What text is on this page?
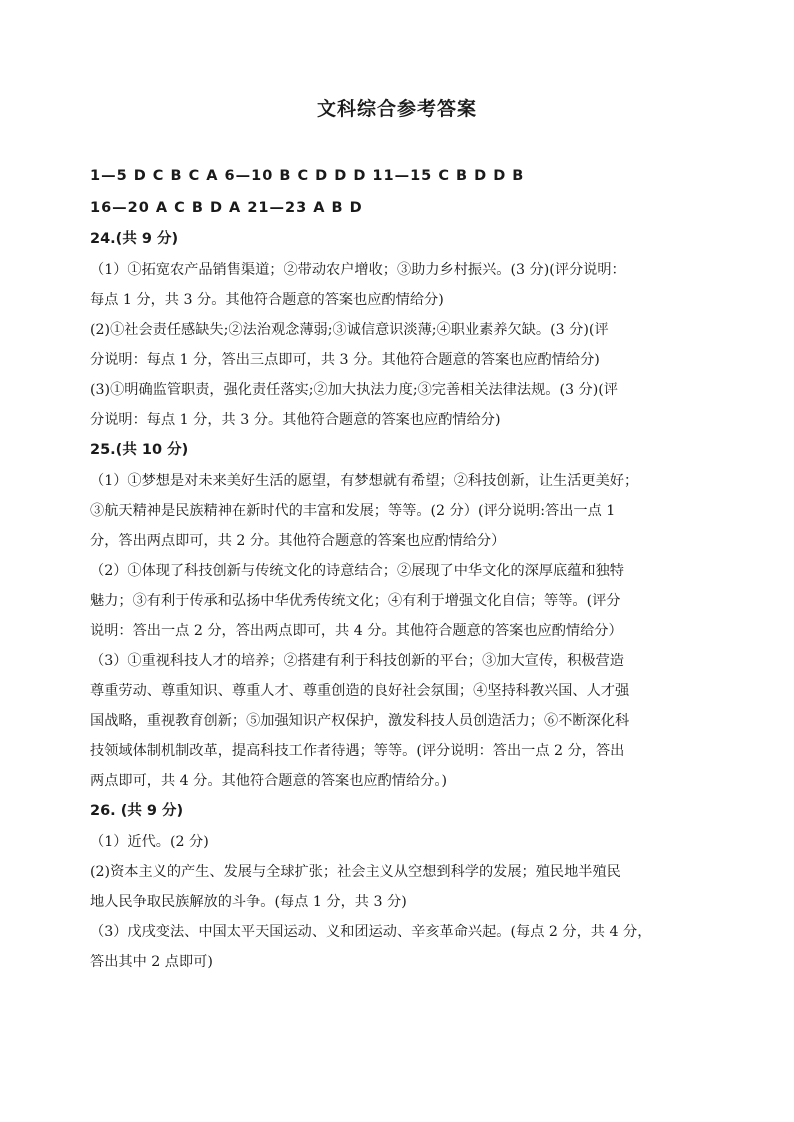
文科综合参考答案
1—5 D C B C A 6—10 B C D D D 11—15 C B D D B
16—20 A C B D A 21—23 A B D
24.(共 9 分)
（1）①拓宽农产品销售渠道；②带动农户增收；③助力乡村振兴。(3 分)(评分说明：
每点 1 分，共 3 分。其他符合题意的答案也应酌情给分)
(2)①社会责任感缺失;②法治观念薄弱;③诚信意识淡薄;④职业素养欠缺。(3 分)(评
分说明：每点 1 分，答出三点即可，共 3 分。其他符合题意的答案也应酌情给分)
(3)①明确监管职责，强化责任落实;②加大执法力度;③完善相关法律法规。(3 分)(评
分说明：每点 1 分，共 3 分。其他符合题意的答案也应酌情给分)
25.(共 10 分)
（1）①梦想是对未来美好生活的愿望，有梦想就有希望；②科技创新，让生活更美好；
③航天精神是民族精神在新时代的丰富和发展；等等。(2 分）(评分说明:答出一点 1
分，答出两点即可，共 2 分。其他符合题意的答案也应酌情给分）
（2）①体现了科技创新与传统文化的诗意结合；②展现了中华文化的深厚底蕴和独特
魅力；③有利于传承和弘扬中华优秀传统文化；④有利于增强文化自信；等等。(评分
说明：答出一点 2 分，答出两点即可，共 4 分。其他符合题意的答案也应酌情给分）
（3）①重视科技人才的培养；②搭建有利于科技创新的平台；③加大宣传，积极营造
尊重劳动、尊重知识、尊重人才、尊重创造的良好社会氛围；④坚持科教兴国、人才强
国战略，重视教育创新；⑤加强知识产权保护，激发科技人员创造活力；⑥不断深化科
技领域体制机制改革，提高科技工作者待遇；等等。(评分说明：答出一点 2 分，答出
两点即可，共 4 分。其他符合题意的答案也应酌情给分。)
26. (共 9 分)
（1）近代。(2 分)
(2)资本主义的产生、发展与全球扩张；社会主义从空想到科学的发展；殖民地半殖民
地人民争取民族解放的斗争。(每点 1 分，共 3 分)
（3）戊戌变法、中国太平天国运动、义和团运动、辛亥革命兴起。(每点 2 分，共 4 分，
答出其中 2 点即可)
